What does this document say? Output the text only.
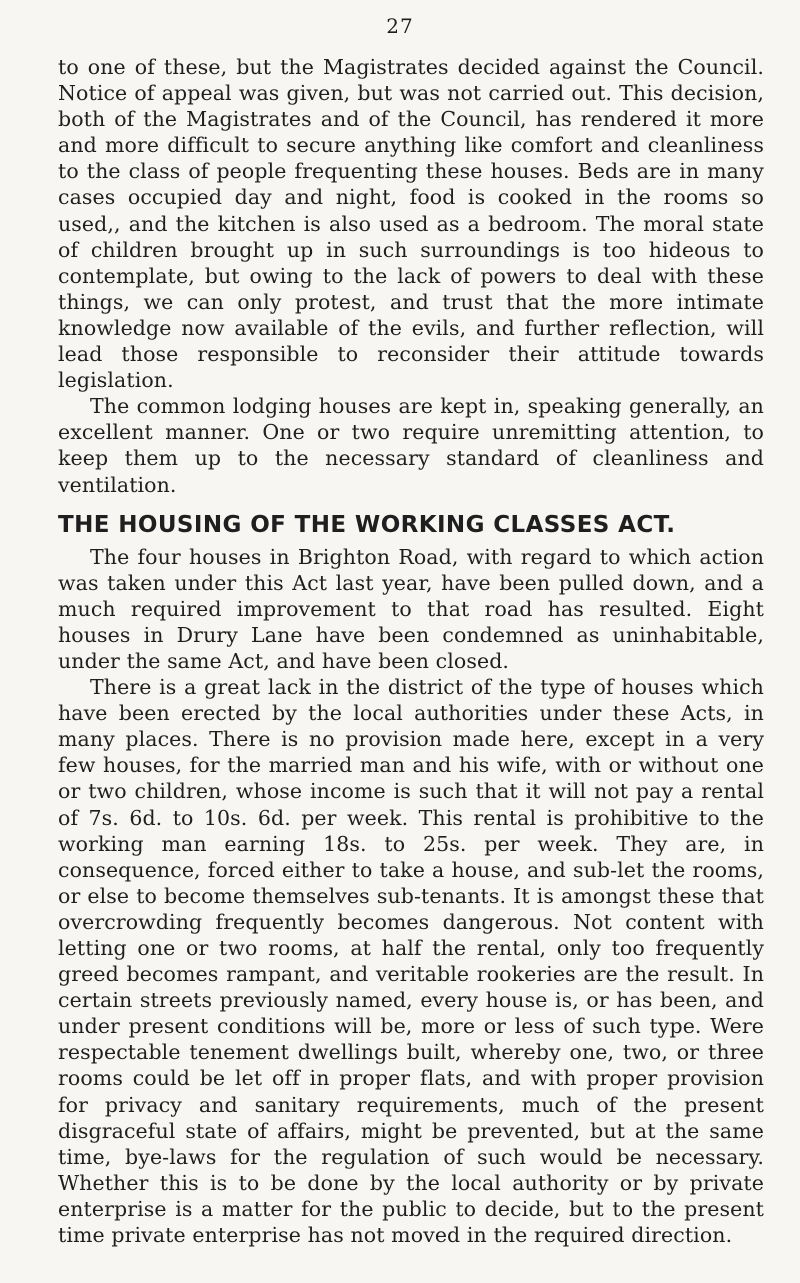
27

to one of these, but the Magistrates decided against the Council. Notice of appeal was given, but was not carried out. This decision, both of the Magistrates and of the Council, has rendered it more and more difficult to secure anything like comfort and cleanliness to the class of people frequenting these houses. Beds are in many cases occupied day and night, food is cooked in the rooms so used,, and the kitchen is also used as a bedroom. The moral state of children brought up in such surroundings is too hideous to contemplate, but owing to the lack of powers to deal with these things, we can only protest, and trust that the more intimate knowledge now available of the evils, and further reflection, will lead those responsible to reconsider their attitude towards legislation.

The common lodging houses are kept in, speaking generally, an excellent manner. One or two require unremitting attention, to keep them up to the necessary standard of cleanliness and ventilation.

THE HOUSING OF THE WORKING CLASSES ACT.

The four houses in Brighton Road, with regard to which action was taken under this Act last year, have been pulled down, and a much required improvement to that road has resulted. Eight houses in Drury Lane have been condemned as uninhabitable, under the same Act, and have been closed.

There is a great lack in the district of the type of houses which have been erected by the local authorities under these Acts, in many places. There is no provision made here, except in a very few houses, for the married man and his wife, with or without one or two children, whose income is such that it will not pay a rental of 7s. 6d. to 10s. 6d. per week. This rental is prohibitive to the working man earning 18s. to 25s. per week. They are, in consequence, forced either to take a house, and sub-let the rooms, or else to become themselves sub-tenants. It is amongst these that overcrowding frequently becomes dangerous. Not content with letting one or two rooms, at half the rental, only too frequently greed becomes rampant, and veritable rookeries are the result. In certain streets previously named, every house is, or has been, and under present conditions will be, more or less of such type. Were respectable tenement dwellings built, whereby one, two, or three rooms could be let off in proper flats, and with proper provision for privacy and sanitary requirements, much of the present disgraceful state of affairs, might be prevented, but at the same time, bye-laws for the regulation of such would be necessary. Whether this is to be done by the local authority or by private enterprise is a matter for the public to decide, but to the present time private enterprise has not moved in the required direction.
